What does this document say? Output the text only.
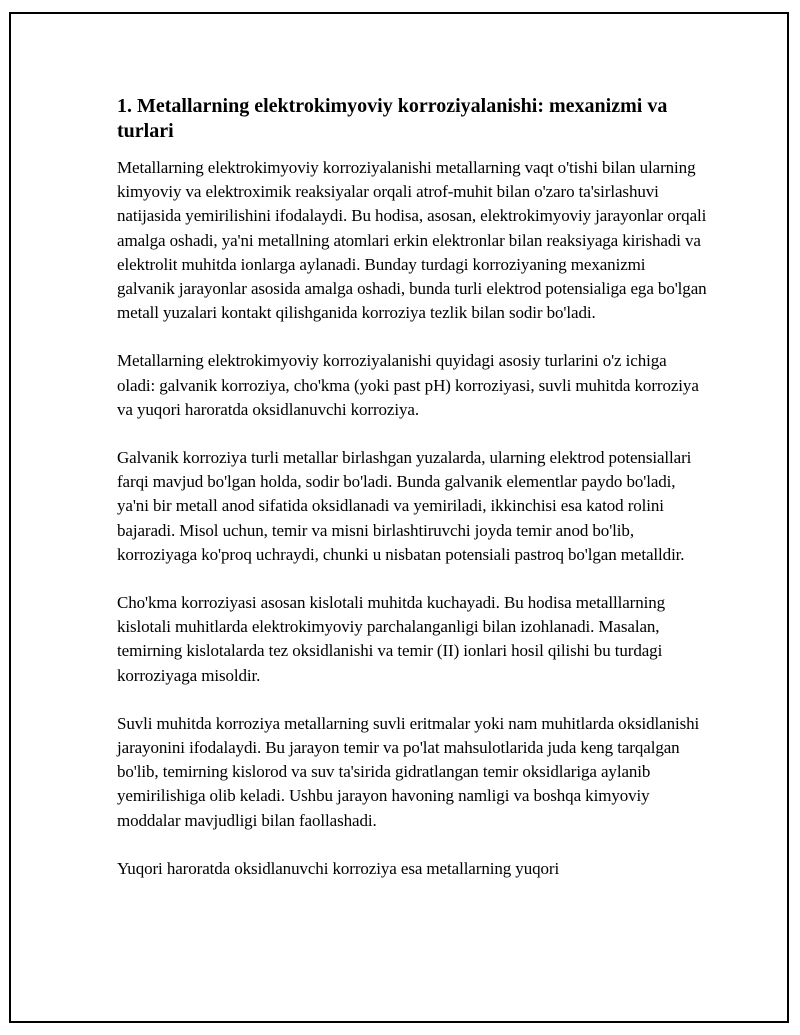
1. Metallarning elektrokimyoviy korroziyalanishi: mexanizmi va turlari

Metallarning elektrokimyoviy korroziyalanishi metallarning vaqt o'tishi bilan ularning kimyoviy va elektroximik reaksiyalar orqali atrof-muhit bilan o'zaro ta'sirlashuvi natijasida yemirilishini ifodalaydi. Bu hodisa, asosan, elektrokimyoviy jarayonlar orqali amalga oshadi, ya'ni metallning atomlari erkin elektronlar bilan reaksiyaga kirishadi va elektrolit muhitda ionlarga aylanadi. Bunday turdagi korroziyaning mexanizmi galvanik jarayonlar asosida amalga oshadi, bunda turli elektrod potensialiga ega bo'lgan metall yuzalari kontakt qilishganida korroziya tezlik bilan sodir bo'ladi.

Metallarning elektrokimyoviy korroziyalanishi quyidagi asosiy turlarini o'z ichiga oladi: galvanik korroziya, cho'kma (yoki past pH) korroziyasi, suvli muhitda korroziya va yuqori haroratda oksidlanuvchi korroziya.

Galvanik korroziya turli metallar birlashgan yuzalarda, ularning elektrod potensiallari farqi mavjud bo'lgan holda, sodir bo'ladi. Bunda galvanik elementlar paydo bo'ladi, ya'ni bir metall anod sifatida oksidlanadi va yemiriladi, ikkinchisi esa katod rolini bajaradi. Misol uchun, temir va misni birlashtiruvchi joyda temir anod bo'lib, korroziyaga ko'proq uchraydi, chunki u nisbatan potensiali pastroq bo'lgan metalldir.

Cho'kma korroziyasi asosan kislotali muhitda kuchayadi. Bu hodisa metalllarning kislotali muhitlarda elektrokimyoviy parchalanganligi bilan izohlanadi. Masalan, temirning kislotalarda tez oksidlanishi va temir (II) ionlari hosil qilishi bu turdagi korroziyaga misoldir.

Suvli muhitda korroziya metallarning suvli eritmalar yoki nam muhitlarda oksidlanishi jarayonini ifodalaydi. Bu jarayon temir va po'lat mahsulotlarida juda keng tarqalgan bo'lib, temirning kislorod va suv ta'sirida gidratlangan temir oksidlariga aylanib yemirilishiga olib keladi. Ushbu jarayon havoning namligi va boshqa kimyoviy moddalar mavjudligi bilan faollashadi.

Yuqori haroratda oksidlanuvchi korroziya esa metallarning yuqori
